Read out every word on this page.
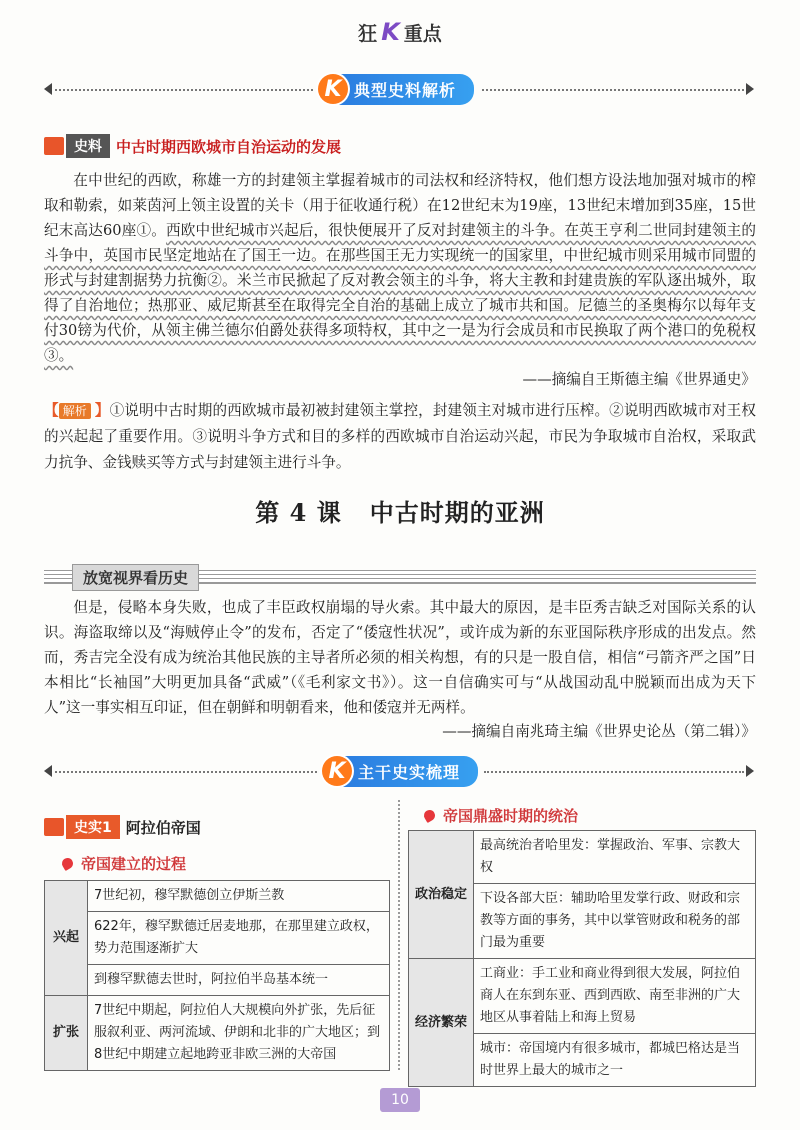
狂 K 重点
K 典型史料解析
史料 中古时期西欧城市自治运动的发展
在中世纪的西欧，称雄一方的封建领主掌握着城市的司法权和经济特权，他们想方设法地加强对城市的榨取和勒索，如莱茵河上领主设置的关卡（用于征收通行税）在12世纪末为19座，13世纪末增加到35座，15世纪末高达60座①。西欧中世纪城市兴起后，很快便展开了反对封建领主的斗争。在英王亨利二世同封建领主的斗争中，英国市民坚定地站在了国王一边。在那些国王无力实现统一的国家里，中世纪城市则采用城市同盟的形式与封建割据势力抗衡②。米兰市民掀起了反对教会领主的斗争，将大主教和封建贵族的军队逐出城外，取得了自治地位；热那亚、威尼斯甚至在取得完全自治的基础上成立了城市共和国。尼德兰的圣奥梅尔以每年支付30镑为代价，从领主佛兰德尔伯爵处获得多项特权，其中之一是为行会成员和市民换取了两个港口的免税权③。
——摘编自王斯德主编《世界通史》
【 解析 】①说明中古时期的西欧城市最初被封建领主掌控，封建领主对城市进行压榨。②说明西欧城市对王权的兴起起了重要作用。③说明斗争方式和目的多样的西欧城市自治运动兴起，市民为争取城市自治权，采取武力抗争、金钱赎买等方式与封建领主进行斗争。
第 4 课 中古时期的亚洲
放宽视界看历史
但是，侵略本身失败，也成了丰臣政权崩塌的导火索。其中最大的原因，是丰臣秀吉缺乏对国际关系的认识。海盗取缔以及“海贼停止令”的发布，否定了“倭寇性状况”，或许成为新的东亚国际秩序形成的出发点。然而，秀吉完全没有成为统治其他民族的主导者所必须的相关构想，有的只是一股自信，相信“弓箭齐严之国”日本相比“长袖国”大明更加具备“武威”（《毛利家文书》）。这一自信确实可与“从战国动乱中脱颖而出成为天下人”这一事实相互印证，但在朝鲜和明朝看来，他和倭寇并无两样。
——摘编自南兆琦主编《世界史论丛（第二辑）》
K 主干史实梳理
史实1 阿拉伯帝国
帝国建立的过程
兴起	7世纪初，穆罕默德创立伊斯兰教
	622年，穆罕默德迁居麦地那，在那里建立政权，势力范围逐渐扩大
	到穆罕默德去世时，阿拉伯半岛基本统一
扩张	7世纪中期起，阿拉伯人大规模向外扩张，先后征服叙利亚、两河流域、伊朗和北非的广大地区；到8世纪中期建立起地跨亚非欧三洲的大帝国
帝国鼎盛时期的统治
政治稳定	最高统治者哈里发：掌握政治、军事、宗教大权
	下设各部大臣：辅助哈里发掌行政、财政和宗教等方面的事务，其中以掌管财政和税务的部门最为重要
经济繁荣	工商业：手工业和商业得到很大发展，阿拉伯商人在东到东亚、西到西欧、南至非洲的广大地区从事着陆上和海上贸易
	城市：帝国境内有很多城市，都城巴格达是当时世界上最大的城市之一
10
